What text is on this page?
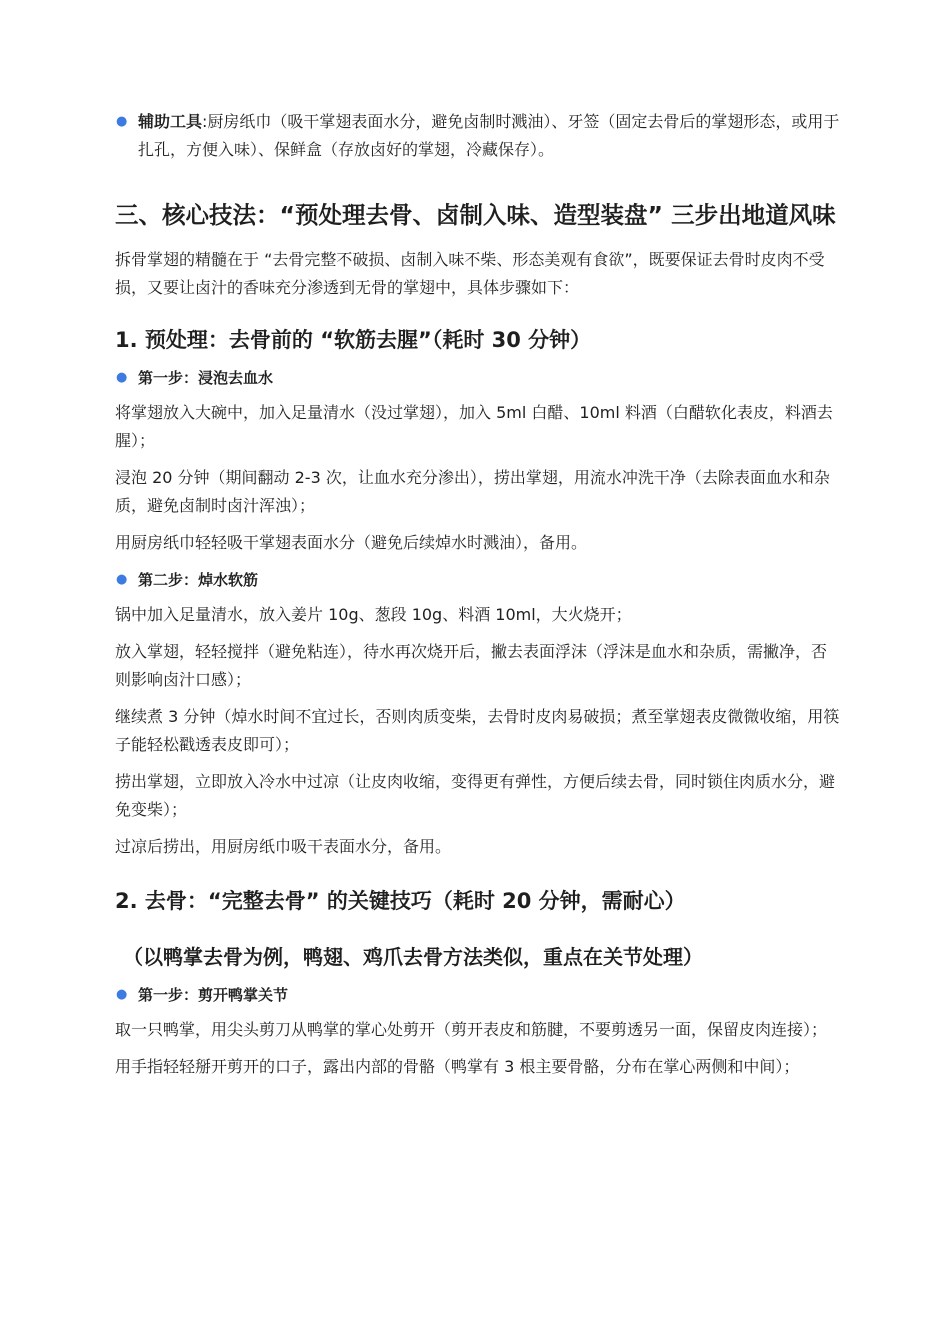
● 辅助工具:厨房纸巾（吸干掌翅表面水分，避免卤制时溅油）、牙签（固定去骨后的掌翅形态，或用于扎孔，方便入味）、保鲜盒（存放卤好的掌翅，冷藏保存）。
三、核心技法：“预处理去骨、卤制入味、造型装盘” 三步出地道风味

拆骨掌翅的精髓在于 “去骨完整不破损、卤制入味不柴、形态美观有食欲”，既要保证去骨时皮肉不受损，又要让卤汁的香味充分渗透到无骨的掌翅中，具体步骤如下：

1. 预处理：去骨前的 “软筋去腥”（耗时 30 分钟）
● 第一步：浸泡去血水

将掌翅放入大碗中，加入足量清水（没过掌翅），加入 5ml 白醋、10ml 料酒（白醋软化表皮，料酒去腥）；

浸泡 20 分钟（期间翻动 2-3 次，让血水充分渗出），捞出掌翅，用流水冲洗干净（去除表面血水和杂质，避免卤制时卤汁浑浊）；

用厨房纸巾轻轻吸干掌翅表面水分（避免后续焯水时溅油），备用。

● 第二步：焯水软筋

锅中加入足量清水，放入姜片 10g、葱段 10g、料酒 10ml，大火烧开；

放入掌翅，轻轻搅拌（避免粘连），待水再次烧开后，撇去表面浮沫（浮沫是血水和杂质，需撇净，否则影响卤汁口感）；

继续煮 3 分钟（焯水时间不宜过长，否则肉质变柴，去骨时皮肉易破损；煮至掌翅表皮微微收缩，用筷子能轻松戳透表皮即可）；

捞出掌翅，立即放入冷水中过凉（让皮肉收缩，变得更有弹性，方便后续去骨，同时锁住肉质水分，避免变柴）；

过凉后捞出，用厨房纸巾吸干表面水分，备用。

2. 去骨：“完整去骨” 的关键技巧（耗时 20 分钟，需耐心）
（以鸭掌去骨为例，鸭翅、鸡爪去骨方法类似，重点在关节处理）
● 第一步：剪开鸭掌关节

取一只鸭掌，用尖头剪刀从鸭掌的掌心处剪开（剪开表皮和筋腱，不要剪透另一面，保留皮肉连接）；

用手指轻轻掰开剪开的口子，露出内部的骨骼（鸭掌有 3 根主要骨骼，分布在掌心两侧和中间）；
